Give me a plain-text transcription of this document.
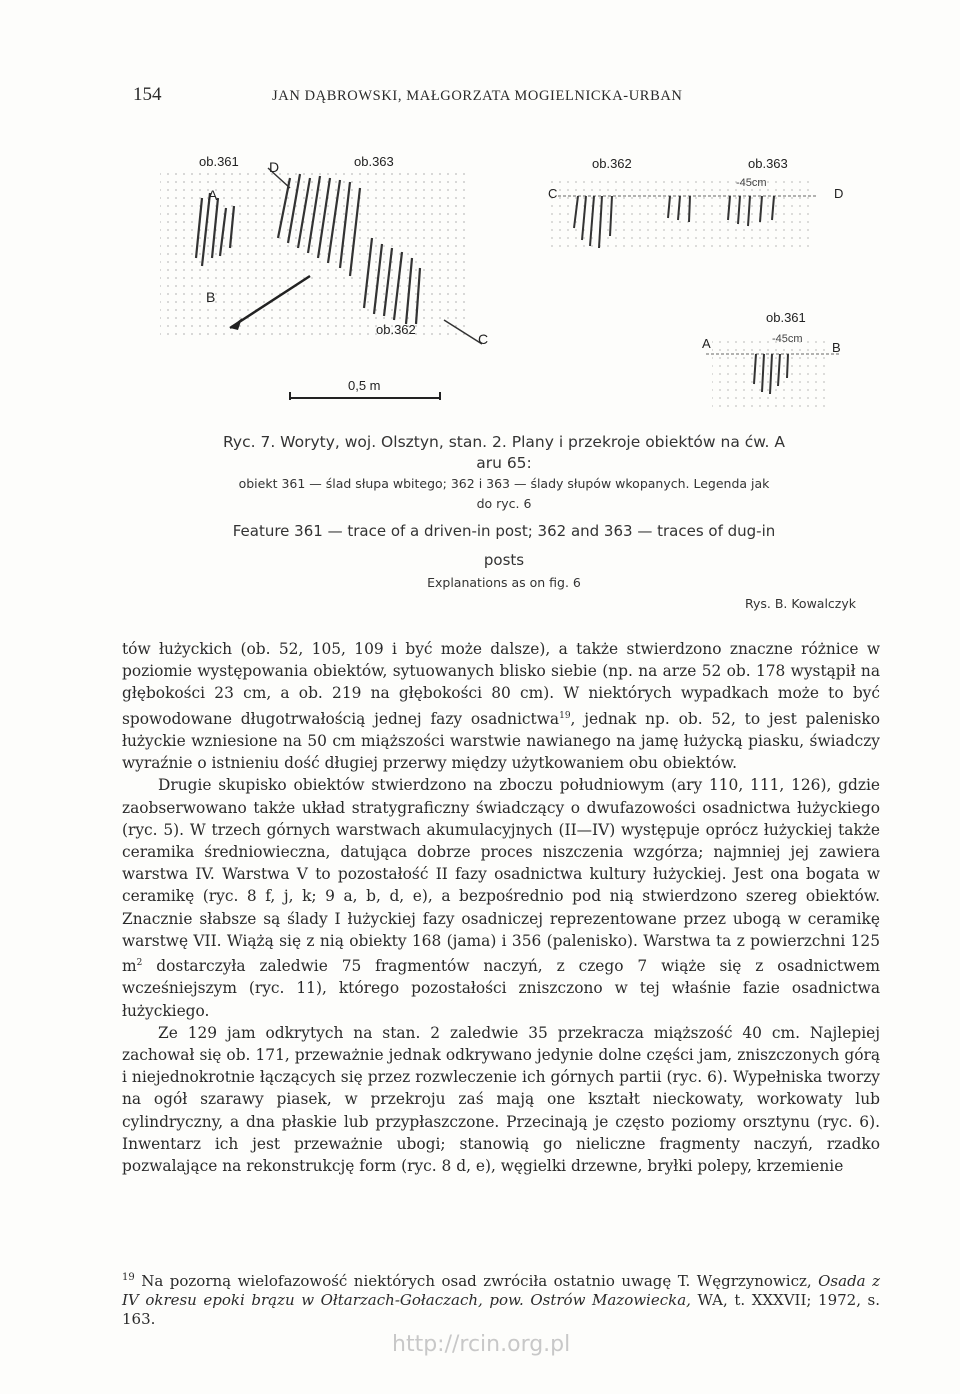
154	JAN DĄBROWSKI, MAŁGORZATA MOGIELNICKA-URBAN
ob.361	ob.363
ob.362
A
B
C
D
0,5 m
ob.362	ob.363
-45cm
C	D
ob.361
-45cm
A	B
Ryc. 7. Woryty, woj. Olsztyn, stan. 2. Plany i przekroje obiektów na ćw. A
aru 65:
obiekt 361 — ślad słupa wbitego; 362 i 363 — ślady słupów wkopanych. Legenda jak
do ryc. 6
Feature 361 — trace of a driven-in post; 362 and 363 — traces of dug-in
posts
Explanations as on fig. 6
Rys. B. Kowalczyk

tów łużyckich (ob. 52, 105, 109 i być może dalsze), a także stwierdzono znaczne różnice w poziomie występowania obiektów, sytuowanych blisko siebie (np. na arze 52 ob. 178 wystąpił na głębokości 23 cm, a ob. 219 na głębokości 80 cm). W niektórych wypadkach może to być spowodowane długotrwałością jednej fazy osadnictwa$^{19}$, jednak np. ob. 52, to jest palenisko łużyckie wzniesione na 50 cm miąższości warstwie nawianego na jamę łużycką piasku, świadczy wyraźnie o istnieniu dość długiej przerwy między użytkowaniem obu obiektów.

Drugie skupisko obiektów stwierdzono na zboczu południowym (ary 110, 111, 126), gdzie zaobserwowano także układ stratygraficzny świadczący o dwufazowości osadnictwa łużyckiego (ryc. 5). W trzech górnych warstwach akumulacyjnych (II—IV) występuje oprócz łużyckiej także ceramika średniowieczna, datująca dobrze proces niszczenia wzgórza; najmniej jej zawiera warstwa IV. Warstwa V to pozostałość II fazy osadnictwa kultury łużyckiej. Jest ona bogata w ceramikę (ryc. 8 f, j, k; 9 a, b, d, e), a bezpośrednio pod nią stwierdzono szereg obiektów. Znacznie słabsze są ślady I łużyckiej fazy osadniczej reprezentowane przez ubogą w ceramikę warstwę VII. Wiążą się z nią obiekty 168 (jama) i 356 (palenisko). Warstwa ta z powierzchni 125 $m^2$ dostarczyła zaledwie 75 fragmentów naczyń, z czego 7 wiąże się z osadnictwem wcześniejszym (ryc. 11), którego pozostałości zniszczono w tej właśnie fazie osadnictwa łużyckiego.

Ze 129 jam odkrytych na stan. 2 zaledwie 35 przekracza miąższość 40 cm. Najlepiej zachował się ob. 171, przeważnie jednak odkrywano jedynie dolne części jam, zniszczonych górą i niejednokrotnie łączących się przez rozwleczenie ich górnych partii (ryc. 6). Wypełniska tworzy na ogół szarawy piasek, w przekroju zaś mają one kształt nieckowaty, workowaty lub cylindryczny, a dna płaskie lub przypłaszczone. Przecinają je często poziomy orsztynu (ryc. 6). Inwentarz ich jest przeważnie ubogi; stanowią go nieliczne fragmenty naczyń, rzadko pozwalające na rekonstrukcję form (ryc. 8 d, e), węgielki drzewne, bryłki polepy, krzemienie

$^{19}$ Na pozorną wielofazowość niektórych osad zwróciła ostatnio uwagę T. Węgrzynowicz, Osada z IV okresu epoki brązu w Ołtarzach-Gołaczach, pow. Ostrów Mazowiecka, WA, t. XXXVII; 1972, s. 163.

http://rcin.org.pl
